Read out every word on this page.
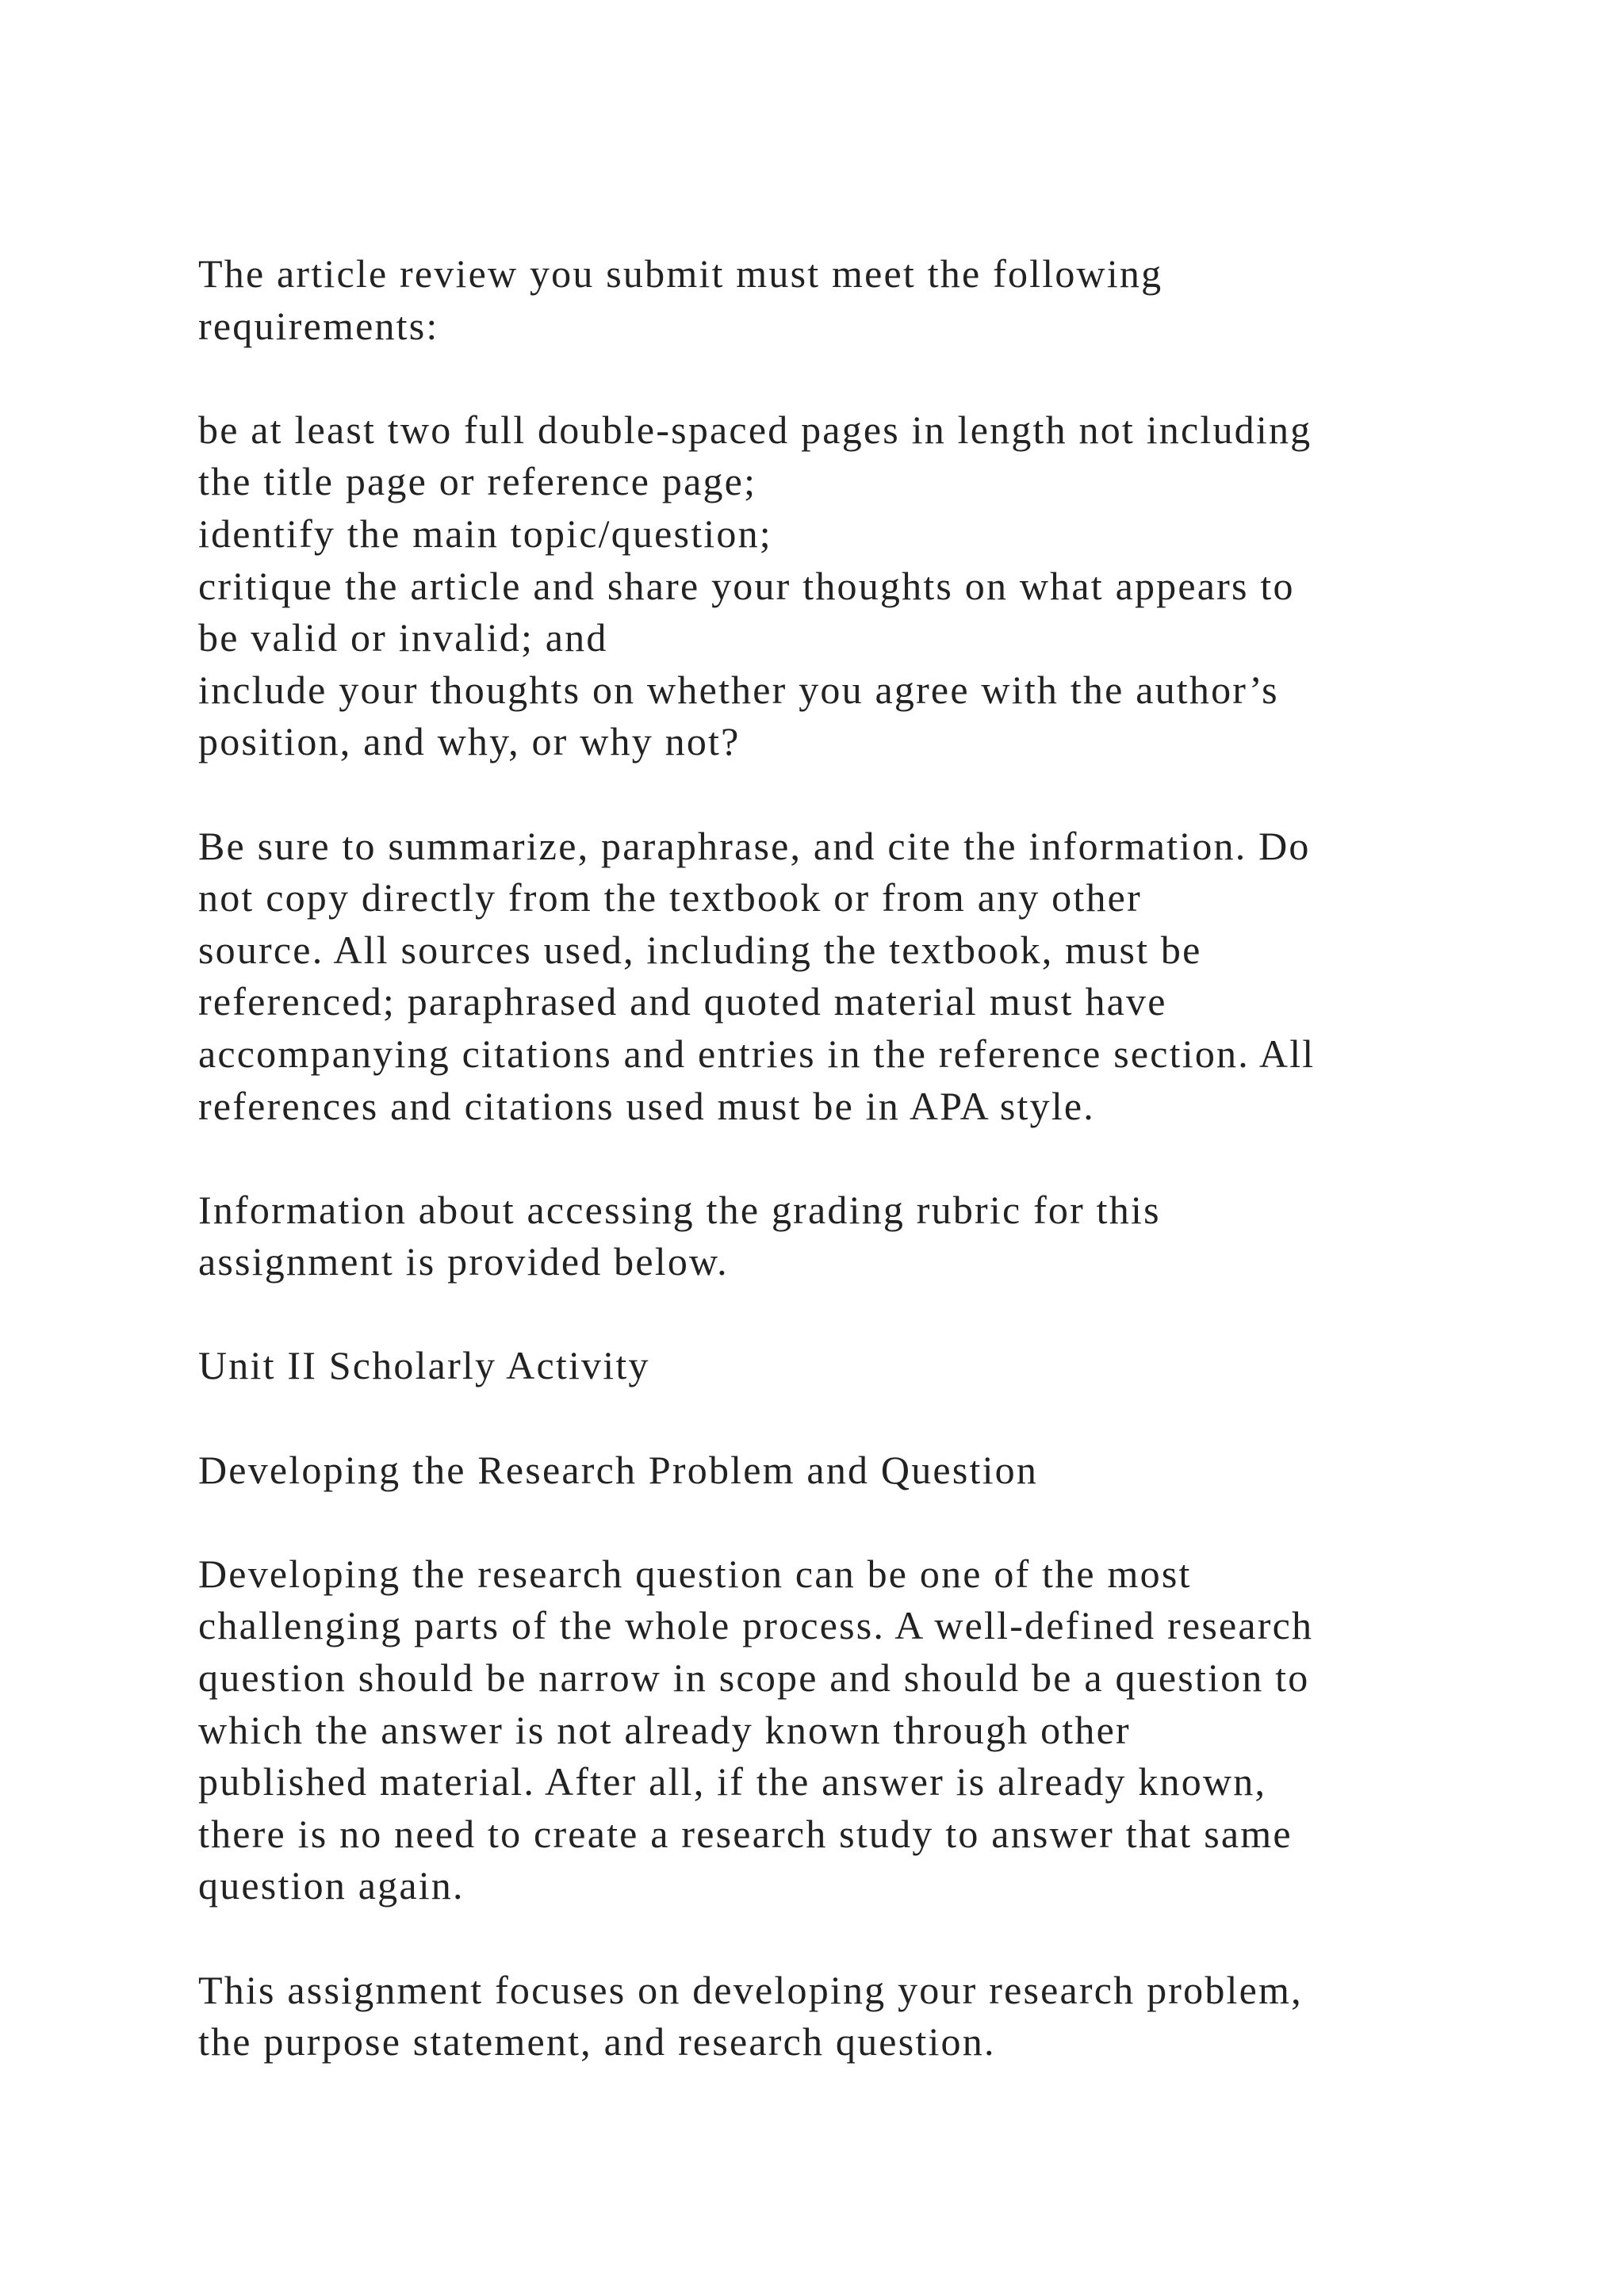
The article review you submit must meet the following
requirements:
be at least two full double-spaced pages in length not including
the title page or reference page;
identify the main topic/question;
critique the article and share your thoughts on what appears to
be valid or invalid; and
include your thoughts on whether you agree with the author’s
position, and why, or why not?
Be sure to summarize, paraphrase, and cite the information. Do
not copy directly from the textbook or from any other
source. All sources used, including the textbook, must be
referenced; paraphrased and quoted material must have
accompanying citations and entries in the reference section. All
references and citations used must be in APA style.
Information about accessing the grading rubric for this
assignment is provided below.
Unit II Scholarly Activity
Developing the Research Problem and Question
Developing the research question can be one of the most
challenging parts of the whole process. A well-defined research
question should be narrow in scope and should be a question to
which the answer is not already known through other
published material. After all, if the answer is already known,
there is no need to create a research study to answer that same
question again.
This assignment focuses on developing your research problem,
the purpose statement, and research question.
